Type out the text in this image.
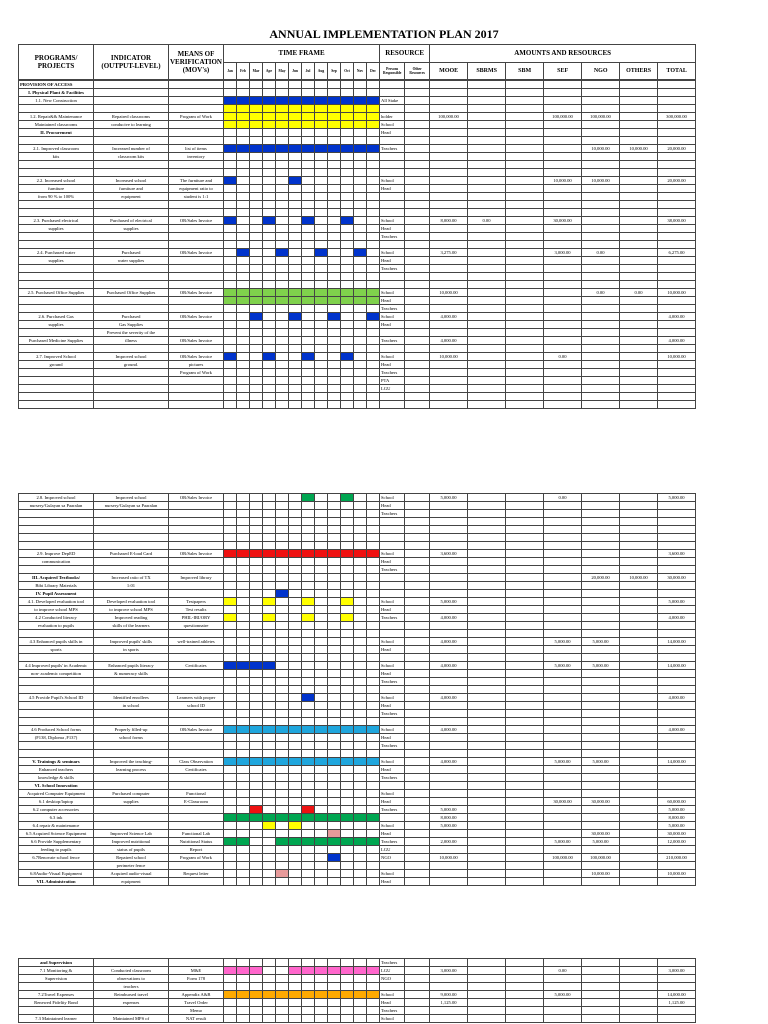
ANNUAL IMPLEMENTATION PLAN 2017
PROGRAMS/ PROJECTS	INDICATOR (OUTPUT-LEVEL)	MEANS OF VERIFICATION (MOV's)	TIME FRAME												RESOURCE		AMOUNTS AND RESOURCES						
			Jan	Feb	Mar	Apr	May	Jun	Jul	Aug	Sep	Oct	Nov	Dec	Persons Responsible	Other Resources	MOOE	SBRMS	SBM	SEF	NGO	OTHERS	TOTAL
PROVISION OF ACCESS																							
I. Physical Plant & Facilities																							
1.1. New Construction															All Stake								

1.2. Repair&& Maintenance	Repaired classrooms	Program of Work													holder		100,000.00			100,000.00	100,000.00		300,000.00
Maintained classrooms	conducive to learning														School								
II. Procurement															Head								

2.1. Improved classroom	Increased number of	list of items													Teachers						10,000.00	10,000.00	20,000.00
kits	classroom kits	inventory																					

2.2. Increased school	Increased school	The furniture and													School					10,000.00	10,000.00		20,000.00
furniture	furniture and	equipment ratio to													Head								
from 90 % to 100%	equipment	student is 1:1																					

2.3. Purchased electrical	Purchased of electrical	OR/Sales Invoice													School		8,000.00	0.00		30,000.00			38,000.00
supplies	supplies														Head								
															Teachers								

2.4. Purchased water	Purchased	OR/Sales Invoice													School		3,275.00			3,000.00	0.00		6,275.00
supplies	water supplies														Head								
															Teachers								

2.5. Purchased Office Supplies	Purchased Office Supplies	OR/Sales Invoice													School		10,000.00				0.00	0.00	10,000.00
															Head								
															Teachers								
2.6. Purchased Gas	Purchased	OR/Sales Invoice													School		4,000.00						4,000.00
supplies	Gas Supplies														Head								
	Prevent the severity of the																						
Purchased Medicine Supplies	illness	OR/Sales Invoice													Teachers		4,000.00						4,000.00

2.7. Improved School	Improved school	OR/Sales Invoice													School		10,000.00			0.00			10,000.00
ground	ground.	pictures													Head								
		Program of Work													Teachers								
															PTA								
															LGU								

2.8. Improved school	Improved school	OR/Sales Invoice													School		5,000.00			0.00			5,000.00
nursery/Gulayan sa Paaralan	nursery/Gulayan sa Paaralan														Head								
															Teachers								

2.9. Improve DepED	Purchased E-load Card	OR/Sales Invoice													School		3,600.00						3,600.00
communication															Head								
															Teachers								
III. Acquired Textbooks/	Increased ratio of TX	Improved library																			20,000.00	10,000.00	30,000.00
Bibi Library Materials	1:01																						
IV. Pupil Assessment																							
4.1. Developed evaluation tool	Developed evaluation tool	Testpapers													School		5,000.00						5,000.00
to improve school MPS	to improve school MPS	Test results													Head								
4.2 Conducted literacy	Improved reading	PHIL-IRI/ORY													Teachers		4,000.00						4,000.00
evaluation to pupils	skills of the learners	questionnaire																					

4.3 Enhanced pupils skills in	Improved pupils' skills	well-trained athletes													School		4,000.00			5,000.00	5,000.00		14,000.00
sports	in sports														Head								

4.4 Improved pupils' in Academic	Enhanced pupils literacy	Certificates													School		4,000.00			5,000.00	5,000.00		14,000.00
non- academic competition	& numeracy skills														Head								
															Teachers								

4.5 Provide Pupil's School ID	Identified enrollees	Learners with proper													School		4,000.00						4,000.00
	in school	school ID													Head								
															Teachers								

4.6 Produced School forms	Properly filled-up	OR/Sales Invoice													School		4,000.00						4,000.00
(F138, Diploma ,F137)	school forms														Head								
															Teachers								

V. Trainings & seminars	Improved the teaching-	Class Observation													School		4,000.00			5,000.00	5,000.00		14,000.00
Enhanced teachers	learning process	Certificates													Head								
knowledge & skills															Teachers								
VI. School Innovation																							
Acquired Computer Equipment	Purchased computer	Functional													School								
6.1 desktop/laptop	supplies	E-Classroom													Head					30,000.00	30,000.00		60,000.00
6.2 computer accessories															Teachers		5,000.00						5,000.00
6.3 ink																	8,000.00						8,000.00
6.4 repair & maintenance															School		5,000.00						5,000.00
6.5 Acquired Science Equipment	Improved Science Lab	Functional Lab													Head						30,000.00		30,000.00
6.6 Provide Supplementary	Improved nutritional	Nutritional Status													Teachers		2,000.00			5,000.00	5,000.00		12,000.00
feeding to pupils	status of pupils	Report													LGU								
6.7Renovate school fence	Repaired school	Program of Work													NGO		10,000.00			100,000.00	100,000.00		210,000.00
	perimeter fence																						
6.8Audio-Visual Equipment	Acquired audio-visual	Request letter													School						10,000.00		10,000.00
VII. Administration	equipment														Head								
and Supervision															Teachers								
7.1 Monitoring &	Conducted classroom	M&E													LGU		3,000.00			0.00			3,000.00
Supervision	observations to	Form 178													NGO								
	teachers																						
7.2Travel Expenses	Reimbursed travel	Appendix A&B													School		9,000.00			5,000.00			14,000.00
Renewed Fidelity Bond	expenses	Travel Order													Head		1,125.00						1,125.00
		Memo													Teachers								
7.3 Maintained learner	Maintained MPS of	NAT result													School								
